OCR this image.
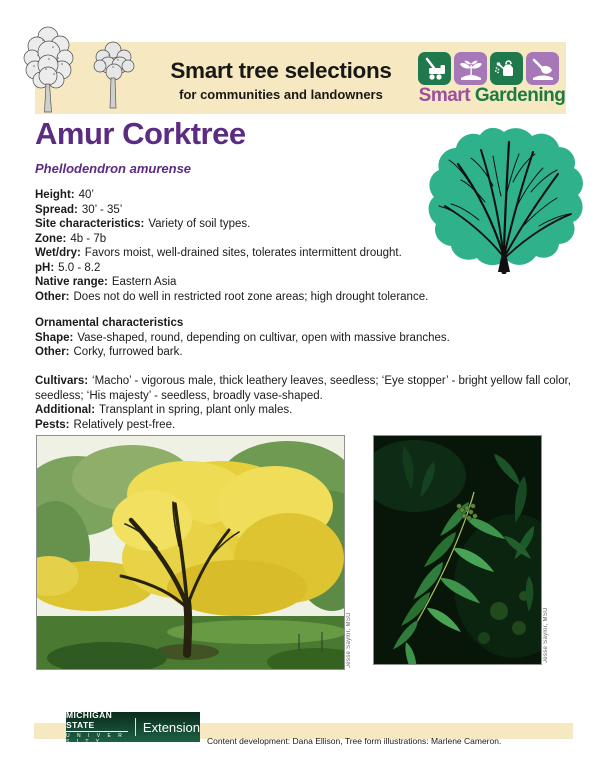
Smart tree selections
for communities and landowners	Smart Gardening
Amur Corktree
Phellodendron amurense
Height: 40’
Spread: 30’ - 35’
Site characteristics: Variety of soil types.
Zone: 4b - 7b
Wet/dry: Favors moist, well-drained sites, tolerates intermittent drought.
pH: 5.0 - 8.2
Native range: Eastern Asia
Other: Does not do well in restricted root zone areas; high drought tolerance.
Ornamental characteristics
Shape: Vase-shaped, round, depending on cultivar, open with massive branches.
Other: Corky, furrowed bark.
Cultivars: ‘Macho’ - vigorous male, thick leathery leaves, seedless; ‘Eye stopper’ - bright yellow fall color, seedless; ‘His majesty’ - seedless, broadly vase-shaped.
Additional: Transplant in spring, plant only males.
Pests: Relatively pest-free.
Jesse Saylor, MSU	Jesse Saylor, MSU
MICHIGAN STATE
U N I V E R S I T Y
Extension
Content development: Dana Ellison, Tree form illustrations: Marlene Cameron.
